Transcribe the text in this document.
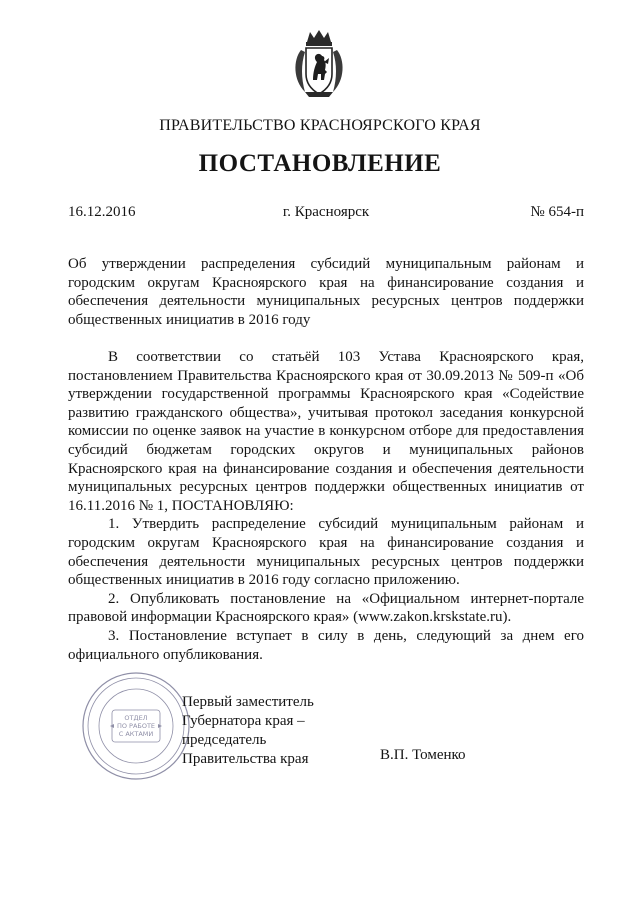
ПРАВИТЕЛЬСТВО КРАСНОЯРСКОГО КРАЯ
ПОСТАНОВЛЕНИЕ
г. Красноярск
16.12.2016	№ 654-п
Об утверждении распределения субсидий муниципальным районам и городским округам Красноярского края на финансирование создания и обеспечения деятельности муниципальных ресурсных центров поддержки общественных инициатив в 2016 году

В соответствии со статьёй 103 Устава Красноярского края, постановлением Правительства Красноярского края от 30.09.2013 № 509-п «Об утверждении государственной программы Красноярского края «Содействие развитию гражданского общества», учитывая протокол заседания конкурсной комиссии по оценке заявок на участие в конкурсном отборе для предоставления субсидий бюджетам городских округов и муниципальных районов Красноярского края на финансирование создания и обеспечения деятельности муниципальных ресурсных центров поддержки общественных инициатив от 16.11.2016 № 1, ПОСТАНОВЛЯЮ:

1. Утвердить распределение субсидий муниципальным районам и городским округам Красноярского края на финансирование создания и обеспечения деятельности муниципальных ресурсных центров поддержки общественных инициатив в 2016 году согласно приложению.

2. Опубликовать постановление на «Официальном интернет-портале правовой информации Красноярского края» (www.zakon.krskstate.ru).

3. Постановление вступает в силу в день, следующий за днем его официального опубликования.

ОТДЕЛ
ПО РАБОТЕ
С АКТАМИ
Первый заместитель
Губернатора края –
председатель
Правительства края	В.П. Томенко
